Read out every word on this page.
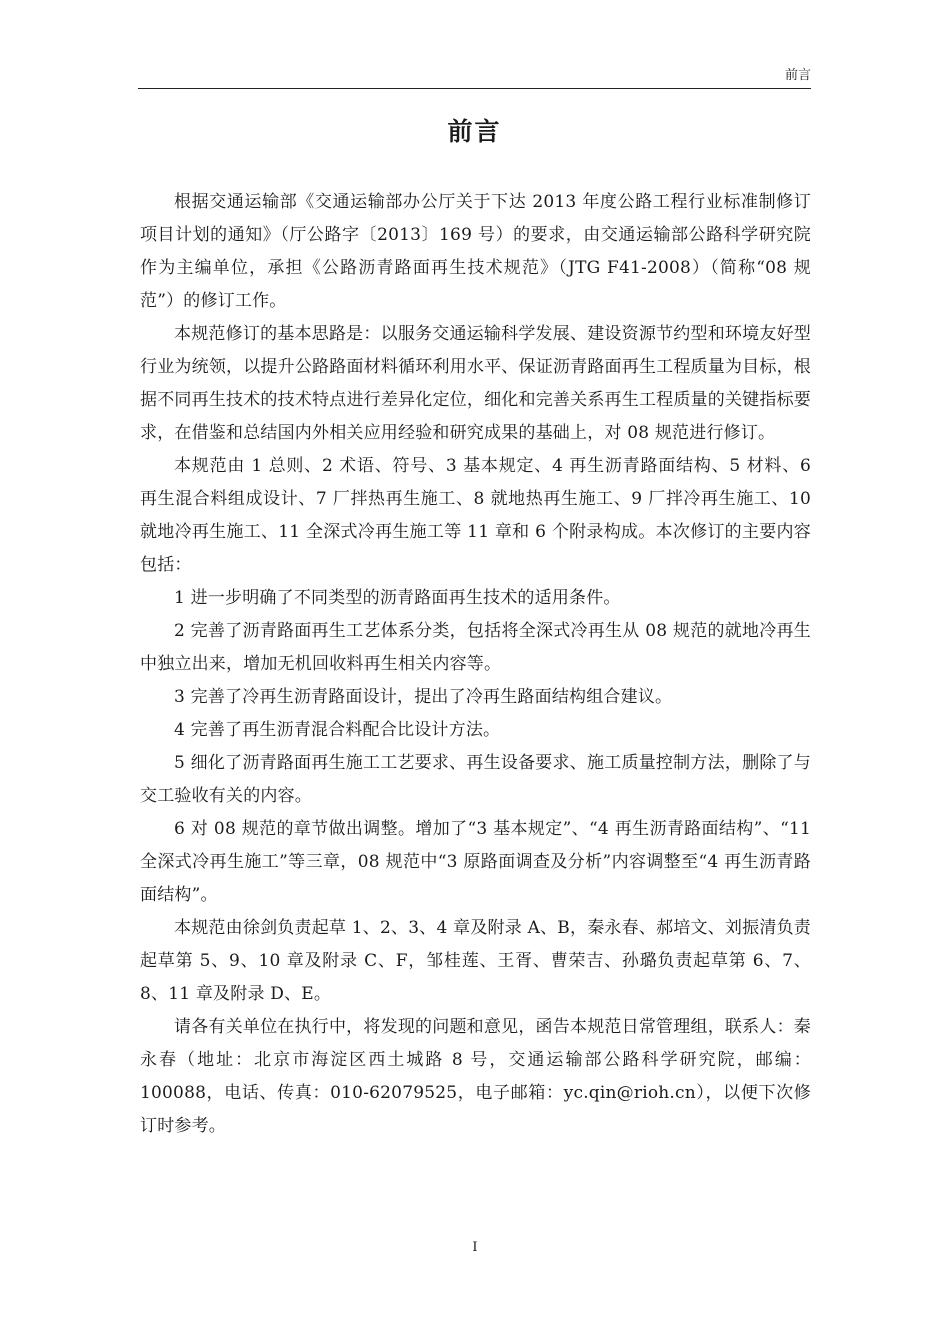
前言
前言

根据交通运输部《交通运输部办公厅关于下达 2013 年度公路工程行业标准制修订项目计划的通知》（厅公路字〔2013〕169 号）的要求，由交通运输部公路科学研究院作为主编单位，承担《公路沥青路面再生技术规范》（JTG F41-2008）（简称“08 规范”）的修订工作。

本规范修订的基本思路是：以服务交通运输科学发展、建设资源节约型和环境友好型行业为统领，以提升公路路面材料循环利用水平、保证沥青路面再生工程质量为目标，根据不同再生技术的技术特点进行差异化定位，细化和完善关系再生工程质量的关键指标要求，在借鉴和总结国内外相关应用经验和研究成果的基础上，对 08 规范进行修订。

本规范由 1 总则、2 术语、符号、3 基本规定、4 再生沥青路面结构、5 材料、6 再生混合料组成设计、7 厂拌热再生施工、8 就地热再生施工、9 厂拌冷再生施工、10 就地冷再生施工、11 全深式冷再生施工等 11 章和 6 个附录构成。本次修订的主要内容包括：

1 进一步明确了不同类型的沥青路面再生技术的适用条件。

2 完善了沥青路面再生工艺体系分类，包括将全深式冷再生从 08 规范的就地冷再生中独立出来，增加无机回收料再生相关内容等。

3 完善了冷再生沥青路面设计，提出了冷再生路面结构组合建议。

4 完善了再生沥青混合料配合比设计方法。

5 细化了沥青路面再生施工工艺要求、再生设备要求、施工质量控制方法，删除了与交工验收有关的内容。

6 对 08 规范的章节做出调整。增加了“3 基本规定”、“4 再生沥青路面结构”、“11 全深式冷再生施工”等三章，08 规范中“3 原路面调查及分析”内容调整至“4 再生沥青路面结构”。

本规范由徐剑负责起草 1、2、3、4 章及附录 A、B，秦永春、郝培文、刘振清负责起草第 5、9、10 章及附录 C、F，邹桂莲、王胥、曹荣吉、孙璐负责起草第 6、7、8、11 章及附录 D、E。

请各有关单位在执行中，将发现的问题和意见，函告本规范日常管理组，联系人：秦永春（地址：北京市海淀区西土城路 8 号，交通运输部公路科学研究院，邮编：100088，电话、传真：010-62079525，电子邮箱：yc.qin@rioh.cn），以便下次修订时参考。

I
